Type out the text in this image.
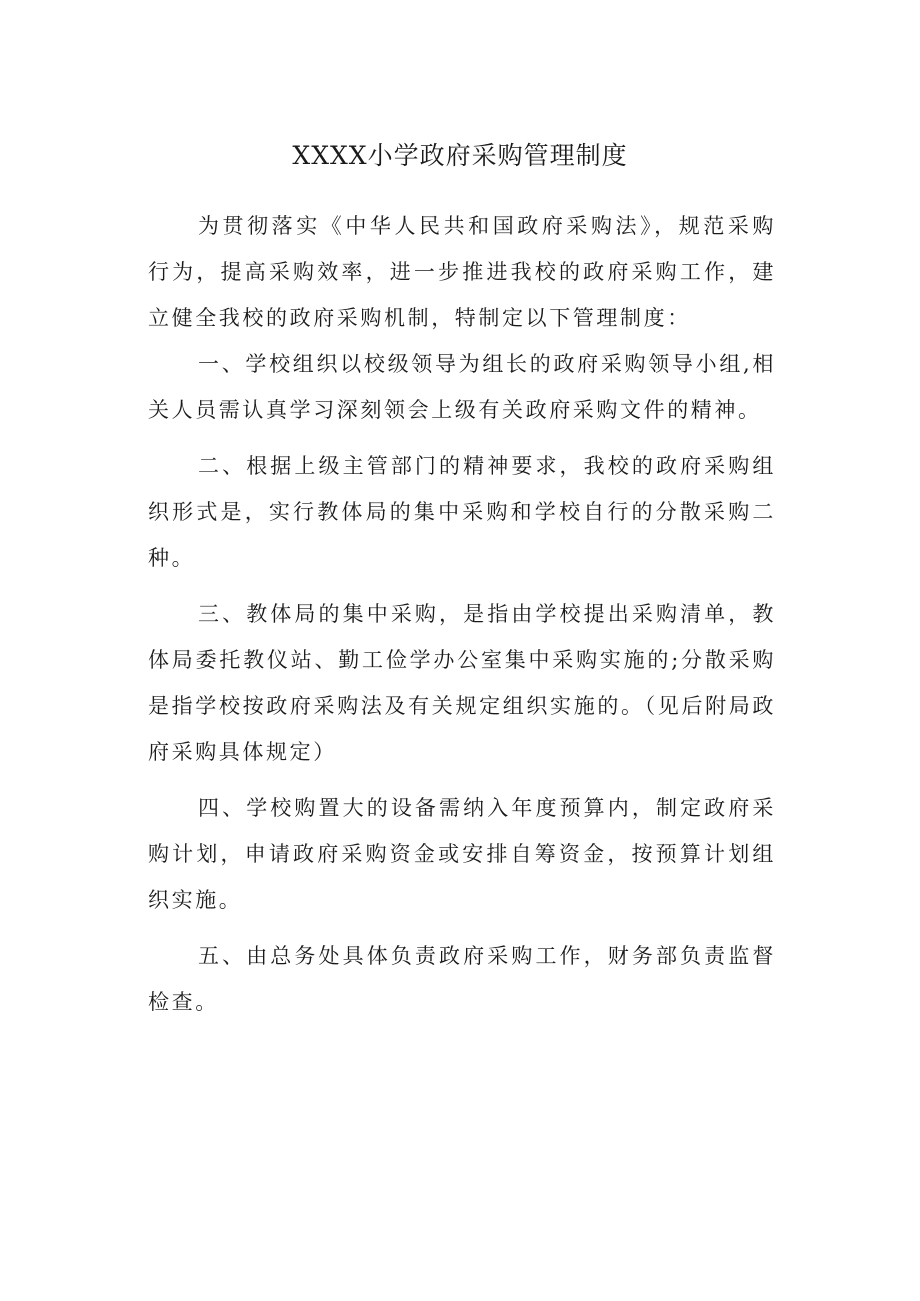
XXXX小学政府采购管理制度

为贯彻落实《中华人民共和国政府采购法》，规范采购行为，提高采购效率，进一步推进我校的政府采购工作，建立健全我校的政府采购机制，特制定以下管理制度：

一、学校组织以校级领导为组长的政府采购领导小组,相关人员需认真学习深刻领会上级有关政府采购文件的精神。

二、根据上级主管部门的精神要求，我校的政府采购组织形式是，实行教体局的集中采购和学校自行的分散采购二种。

三、教体局的集中采购，是指由学校提出采购清单，教体局委托教仪站、勤工俭学办公室集中采购实施的;分散采购是指学校按政府采购法及有关规定组织实施的。（见后附局政府采购具体规定）

四、学校购置大的设备需纳入年度预算内，制定政府采购计划，申请政府采购资金或安排自筹资金，按预算计划组织实施。

五、由总务处具体负责政府采购工作，财务部负责监督检查。
